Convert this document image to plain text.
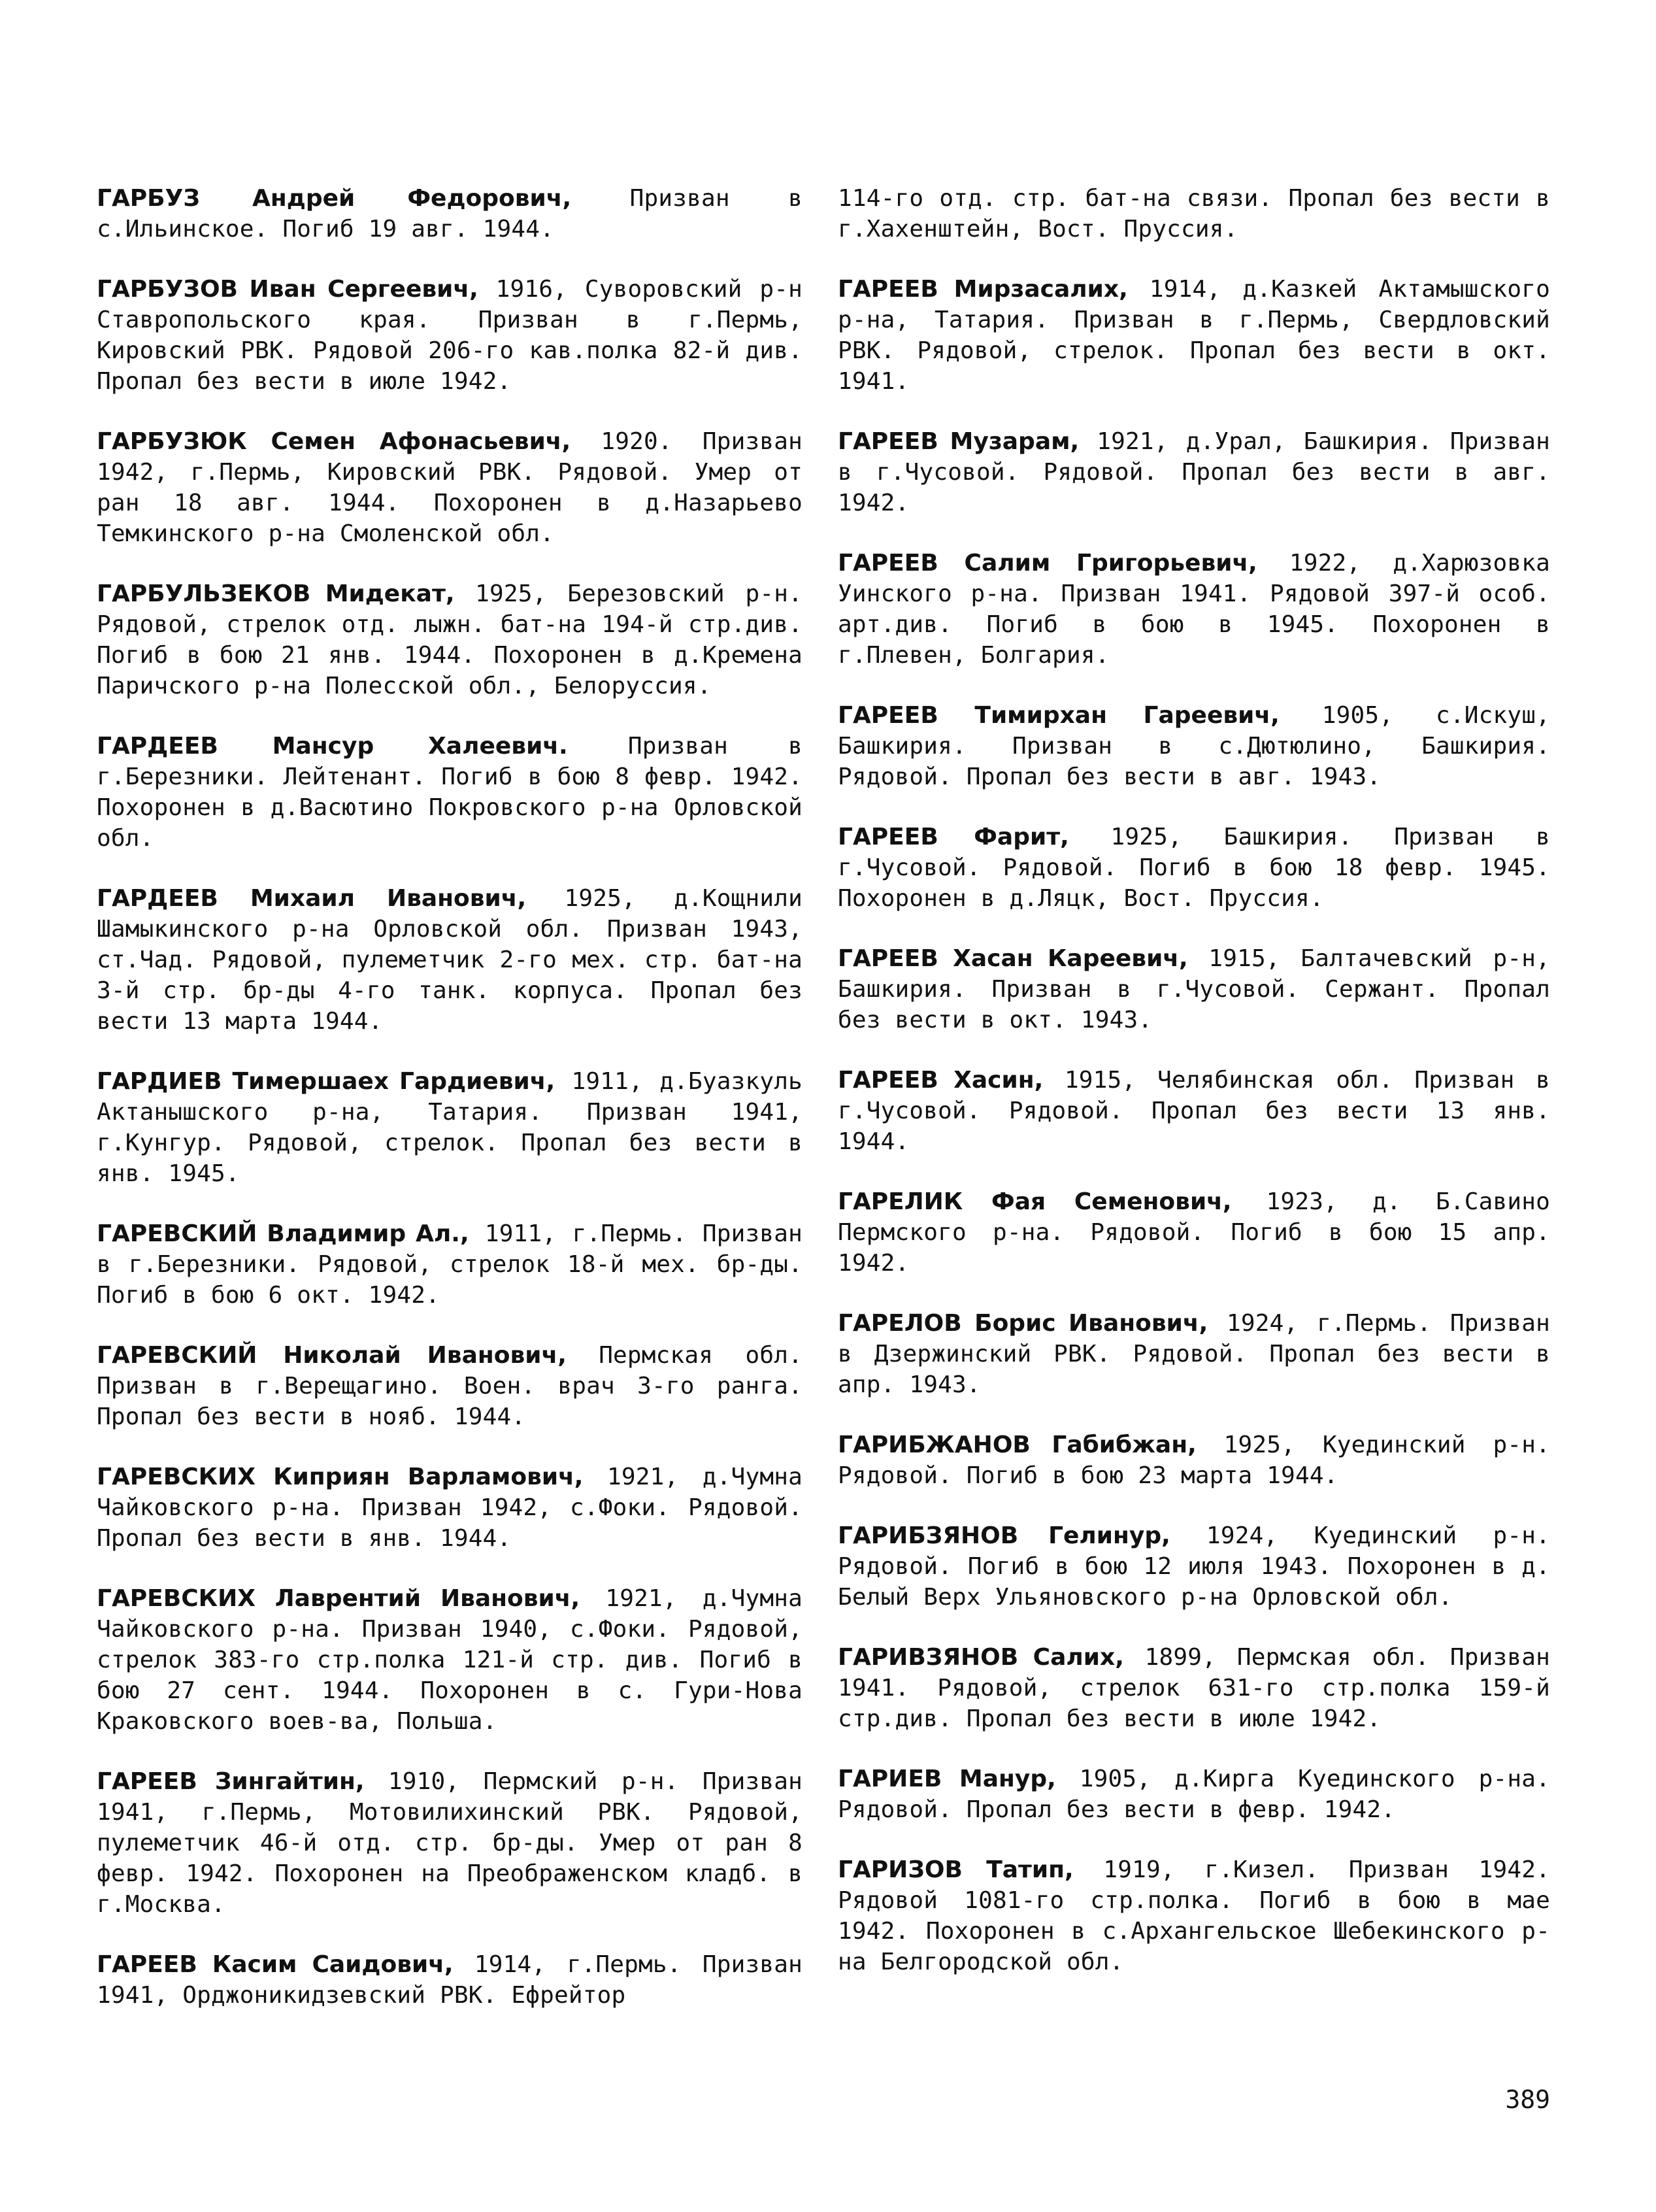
ГАРБУЗ Андрей Федорович, Призван в с.Ильинское. Погиб 19 авг. 1944.

ГАРБУЗОВ Иван Сергеевич, 1916, Суворовский р-н Ставропольского края. Призван в г.Пермь, Кировский РВК. Рядовой 206-го кав.полка 82-й див. Пропал без вести в июле 1942.

ГАРБУЗЮК Семен Афонасьевич, 1920. Призван 1942, г.Пермь, Кировский РВК. Рядовой. Умер от ран 18 авг. 1944. Похоронен в д.Назарьево Темкинского р-на Смоленской обл.

ГАРБУЛЬЗЕКОВ Мидекат, 1925, Березовский р-н. Рядовой, стрелок отд. лыжн. бат-на 194-й стр.див. Погиб в бою 21 янв. 1944. Похоронен в д.Кремена Паричского р-на Полесской обл., Белоруссия.

ГАРДЕЕВ Мансур Халеевич.	Призван в г.Березники. Лейтенант. Погиб в бою 8 февр. 1942. Похоронен в д.Васютино Покровского р-на Орловской обл.

ГАРДЕЕВ Михаил Иванович, 1925, д.Кощнили Шамыкинского р-на Орловской обл. Призван 1943, ст.Чад. Рядовой, пулеметчик 2-го мех. стр. бат-на 3-й стр. бр-ды 4-го танк. корпуса. Пропал без вести 13 марта 1944.

ГАРДИЕВ Тимершаех Гардиевич, 1911, д.Буазкуль Актанышского р-на, Татария. Призван 1941, г.Кунгур. Рядовой, стрелок. Пропал без вести в янв. 1945.

ГАРЕВСКИЙ Владимир Ал., 1911, г.Пермь. Призван в г.Березники. Рядовой, стрелок 18-й мех. бр-ды. Погиб в бою 6 окт. 1942.

ГАРЕВСКИЙ Николай Иванович, Пермская обл. Призван в г.Верещагино. Воен. врач 3-го ранга. Пропал без вести в нояб. 1944.

ГАРЕВСКИХ Киприян Варламович, 1921, д.Чумна Чайковского р-на. Призван 1942, с.Фоки. Рядовой. Пропал без вести в янв. 1944.

ГАРЕВСКИХ Лаврентий Иванович, 1921, д.Чумна Чайковского р-на. Призван 1940, с.Фоки. Рядовой, стрелок 383-го стр.полка 121-й стр. див. Погиб в бою 27 сент. 1944. Похоронен в с. Гури-Нова Краковского воев-ва, Польша.

ГАРЕЕВ Зингайтин, 1910, Пермский р-н. Призван 1941, г.Пермь, Мотовилихинский РВК. Рядовой, пулеметчик 46-й отд. стр. бр-ды. Умер от ран 8 февр. 1942. Похоронен на Преображенском кладб. в г.Москва.

ГАРЕЕВ Касим Саидович, 1914, г.Пермь. Призван 1941, Орджоникидзевский РВК. Ефрейтор

114-го отд. стр. бат-на связи. Пропал без вести в г.Хахенштейн, Вост. Пруссия.

ГАРЕЕВ Мирзасалих, 1914, д.Казкей Актамышского р-на, Татария. Призван в г.Пермь, Свердловский РВК. Рядовой, стрелок. Пропал без вести в окт. 1941.

ГАРЕЕВ Музарам, 1921, д.Урал, Башкирия. Призван в г.Чусовой. Рядовой. Пропал без вести в авг. 1942.

ГАРЕЕВ Салим Григорьевич, 1922, д.Харюзовка Уинского р-на. Призван 1941. Рядовой 397-й особ. арт.див. Погиб в бою в 1945. Похоронен в г.Плевен, Болгария.

ГАРЕЕВ Тимирхан Гареевич, 1905, с.Искуш, Башкирия. Призван в с.Дютюлино, Башкирия. Рядовой. Пропал без вести в авг. 1943.

ГАРЕЕВ Фарит, 1925, Башкирия. Призван в г.Чусовой. Рядовой. Погиб в бою 18 февр. 1945. Похоронен в д.Ляцк, Вост. Пруссия.

ГАРЕЕВ Хасан Кареевич, 1915, Балтачевский р-н, Башкирия. Призван в г.Чусовой. Сержант. Пропал без вести в окт. 1943.

ГАРЕЕВ Хасин, 1915, Челябинская обл. Призван в г.Чусовой. Рядовой. Пропал без вести 13 янв. 1944.

ГАРЕЛИК Фая Семенович, 1923, д. Б.Савино Пермского р-на. Рядовой. Погиб в бою 15 апр. 1942.

ГАРЕЛОВ Борис Иванович, 1924, г.Пермь. Призван в Дзержинский РВК. Рядовой. Пропал без вести в апр. 1943.

ГАРИБЖАНОВ Габибжан, 1925, Куединский р-н. Рядовой. Погиб в бою 23 марта 1944.

ГАРИБЗЯНОВ Гелинур, 1924, Куединский р-н. Рядовой. Погиб в бою 12 июля 1943. Похоронен в д. Белый Верх Ульяновского р-на Орловской обл.

ГАРИВЗЯНОВ Салих, 1899, Пермская обл. Призван 1941. Рядовой, стрелок 631-го стр.полка 159-й стр.див. Пропал без вести в июле 1942.

ГАРИЕВ Манур, 1905, д.Кирга Куединского р-на. Рядовой. Пропал без вести в февр. 1942.

ГАРИЗОВ Татип, 1919, г.Кизел. Призван 1942. Рядовой 1081-го стр.полка. Погиб в бою в мае 1942. Похоронен в с.Архангельское Шебекинского р-на Белгородской обл.

389
